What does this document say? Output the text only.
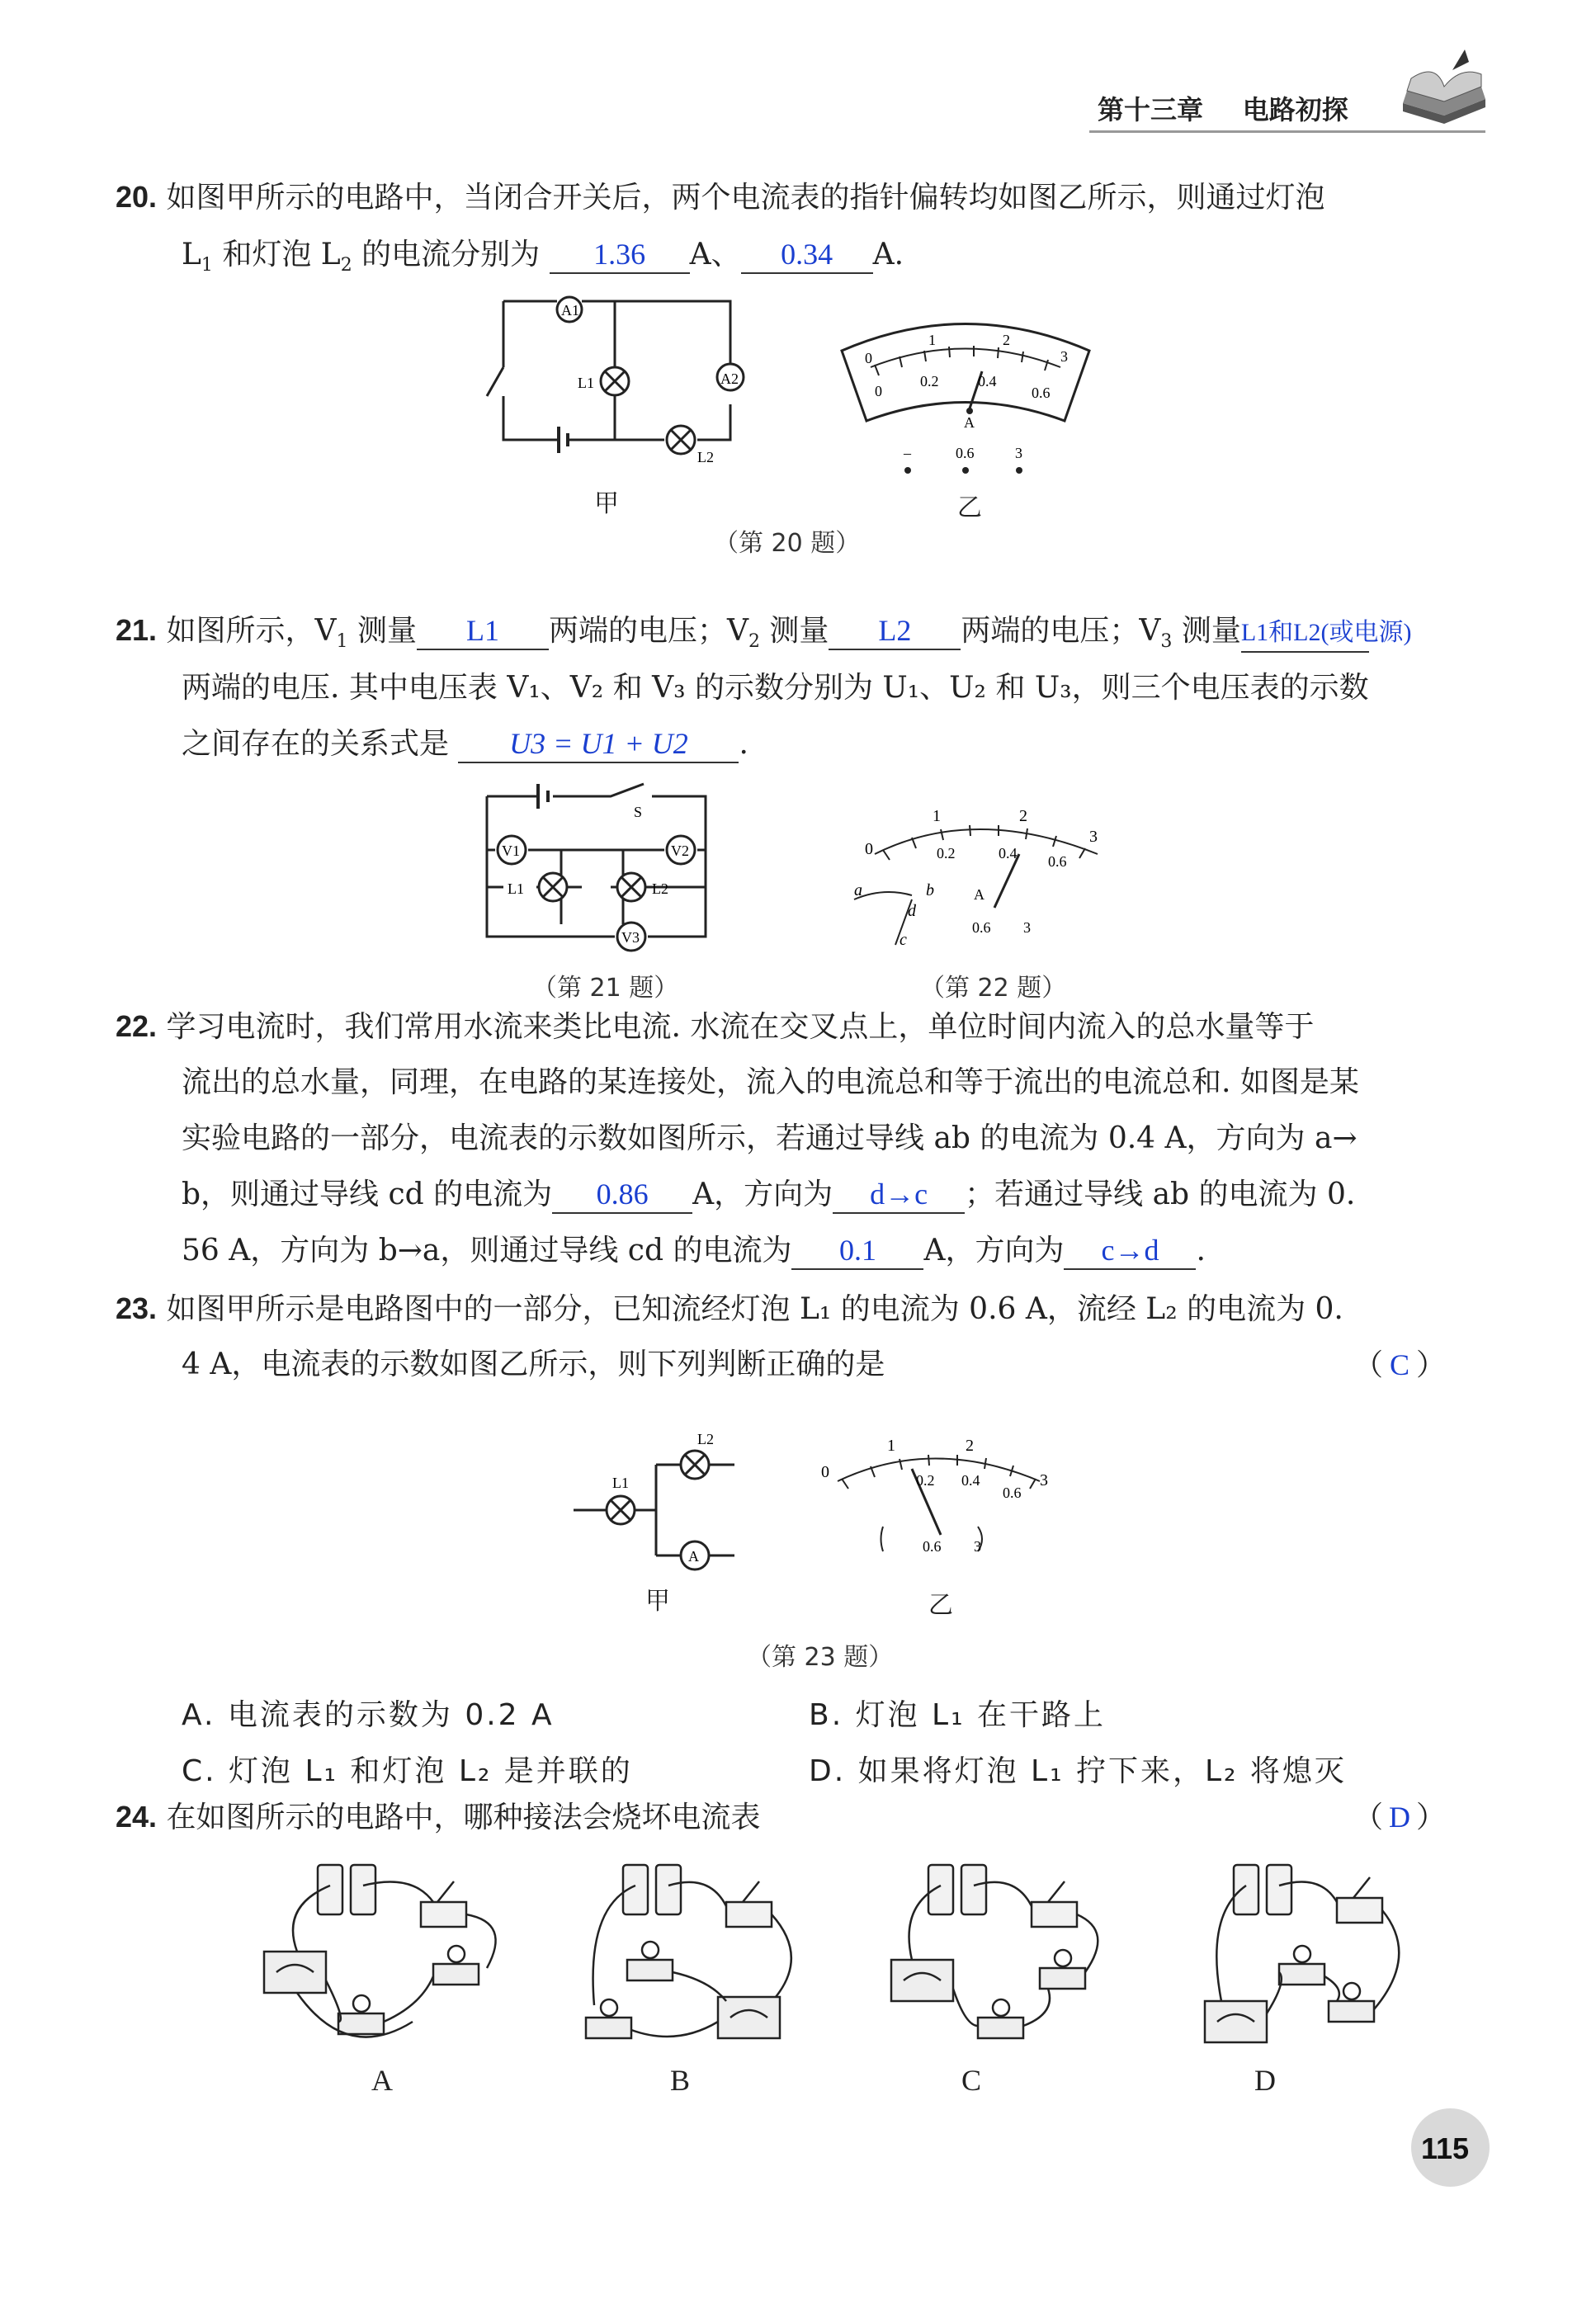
第十三章 电路初探
20. 如图甲所示的电路中，当闭合开关后，两个电流表的指针偏转均如图乙所示，则通过灯泡
$L_1$ 和灯泡 $L_2$ 的电流分别为 1.36 A、 0.34 A.
A1
A2
L1
L2
甲
0
1	2
3
0
0.2	0.4
0.6
A
–	0.6	3
乙
（第 20 题）
21. 如图所示，$V_1$ 测量 L1 两端的电压；$V_2$ 测量 L2 两端的电压；$V_3$ 测量L1和L2(或电源)
两端的电压. 其中电压表 V₁、V₂ 和 V₃ 的示数分别为 U₁、U₂ 和 U₃，则三个电压表的示数
之间存在的关系式是 U3 = U1 + U2 .
V1	V2
V3
L1	L2
S
（第 21 题）
0
1	2
3
0.2	0.4 0.6
a	b
d
c
A
0.6 3
（第 22 题）
22. 学习电流时，我们常用水流来类比电流. 水流在交叉点上，单位时间内流入的总水量等于
流出的总水量，同理，在电路的某连接处，流入的电流总和等于流出的电流总和. 如图是某
实验电路的一部分，电流表的示数如图所示，若通过导线 ab 的电流为 0.4 A，方向为 a→
b，则通过导线 cd 的电流为 0.86 A，方向为 d→c ；若通过导线 ab 的电流为 0.
56 A，方向为 b→a，则通过导线 cd 的电流为 0.1 A，方向为 c→d .
23. 如图甲所示是电路图中的一部分，已知流经灯泡 L₁ 的电流为 0.6 A，流经 L₂ 的电流为 0.
4 A，电流表的示数如图乙所示，则下列判断正确的是	（ C ）
L1
L2
A
甲
0
1	2
3
0.2 0.4
0.6
0.6 3
乙
（第 23 题）
A. 电流表的示数为 0.2 A	B. 灯泡 L₁ 在干路上
C. 灯泡 L₁ 和灯泡 L₂ 是并联的	D. 如果将灯泡 L₁ 拧下来，L₂ 将熄灭
24. 在如图所示的电路中，哪种接法会烧坏电流表	（ D ）
A	B	C	D
115
